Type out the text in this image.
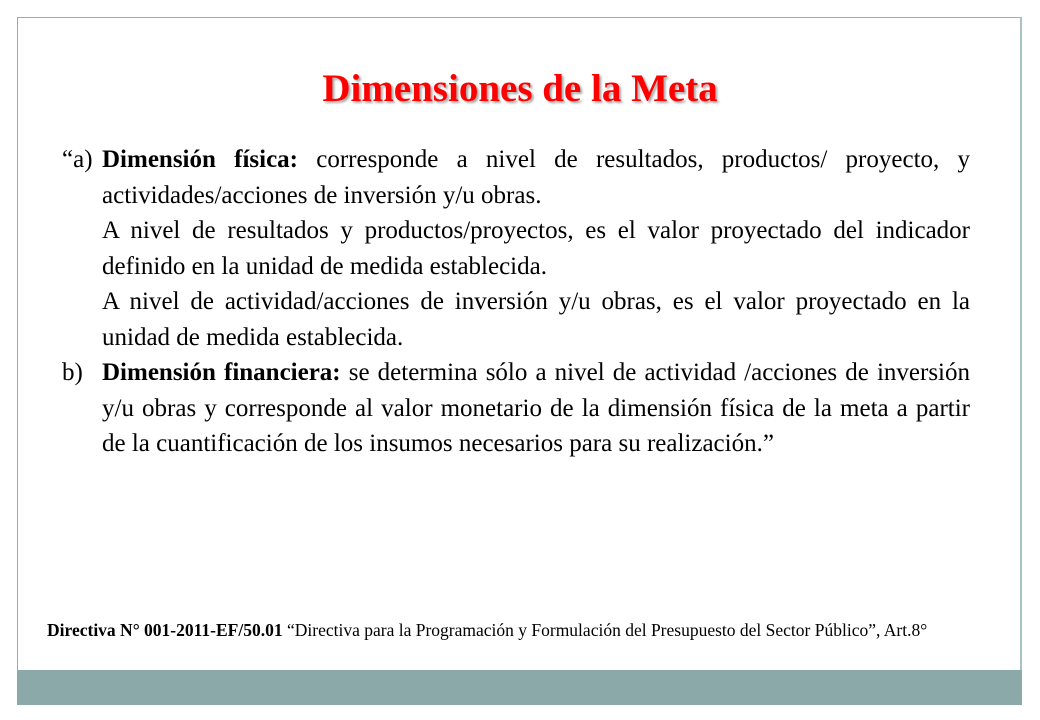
Dimensiones de la Meta
“a) Dimensión física: corresponde a nivel de resultados, productos/ proyecto, y actividades/acciones de inversión y/u obras.
A nivel de resultados y productos/proyectos, es el valor proyectado del indicador definido en la unidad de medida establecida.
A nivel de actividad/acciones de inversión y/u obras, es el valor proyectado en la unidad de medida establecida.
b) Dimensión financiera: se determina sólo a nivel de actividad /acciones de inversión y/u obras y corresponde al valor monetario de la dimensión física de la meta a partir de la cuantificación de los insumos necesarios para su realización.”
Directiva N° 001-2011-EF/50.01 “Directiva para la Programación y Formulación del Presupuesto del Sector Público”, Art.8°
